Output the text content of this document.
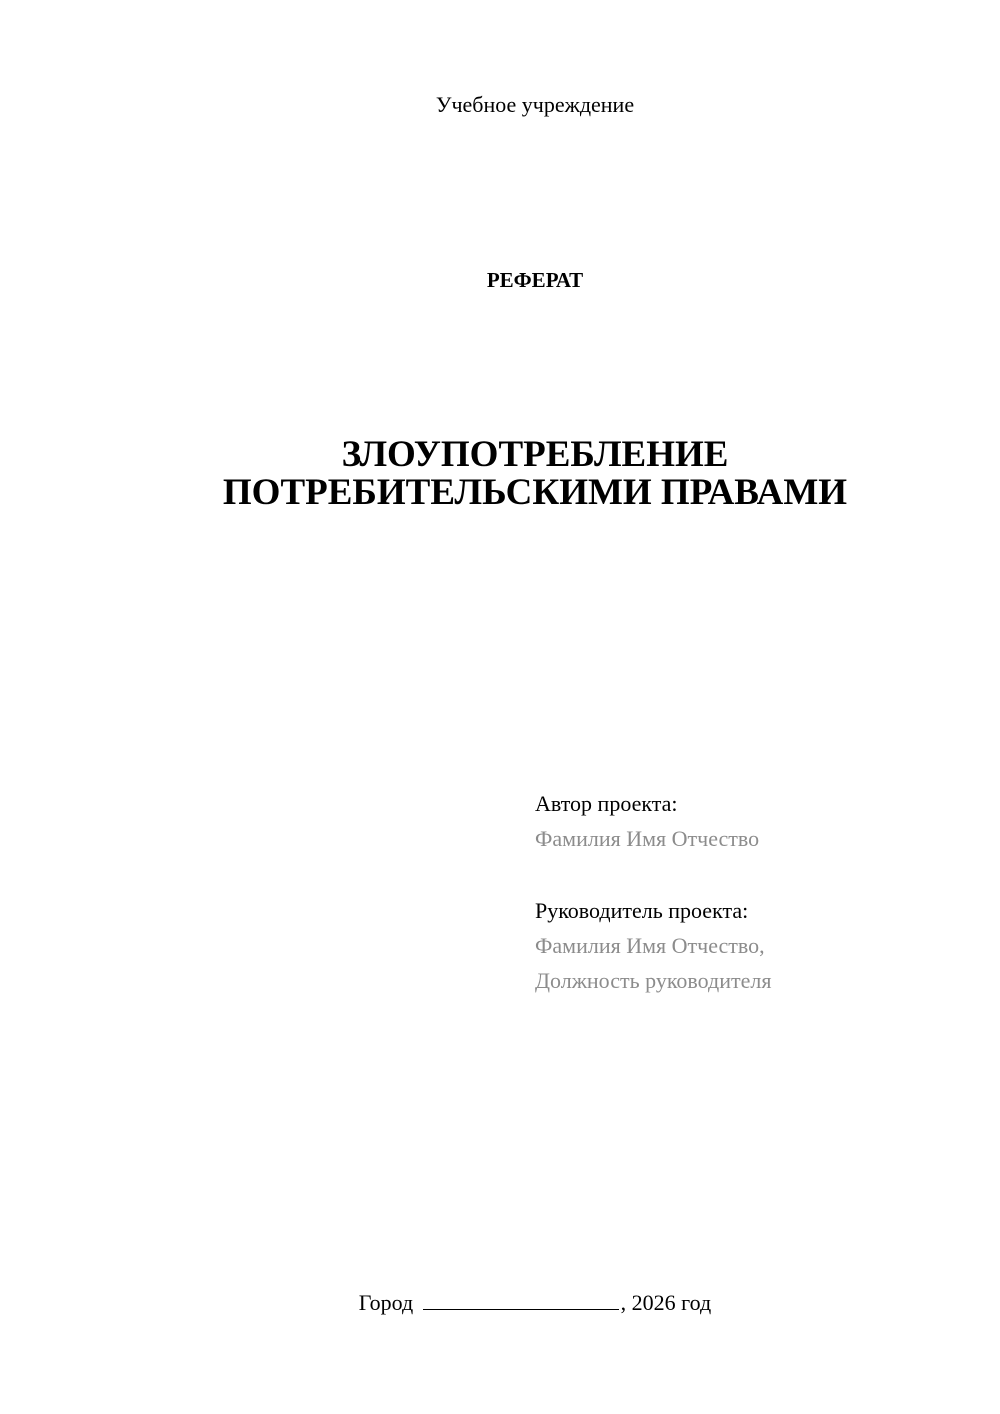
Учебное учреждение
РЕФЕРАТ
ЗЛОУПОТРЕБЛЕНИЕ
ПОТРЕБИТЕЛЬСКИМИ ПРАВАМИ
Автор проекта:
Фамилия Имя Отчество
Руководитель проекта:
Фамилия Имя Отчество,
Должность руководителя
Город	, 2026 год
